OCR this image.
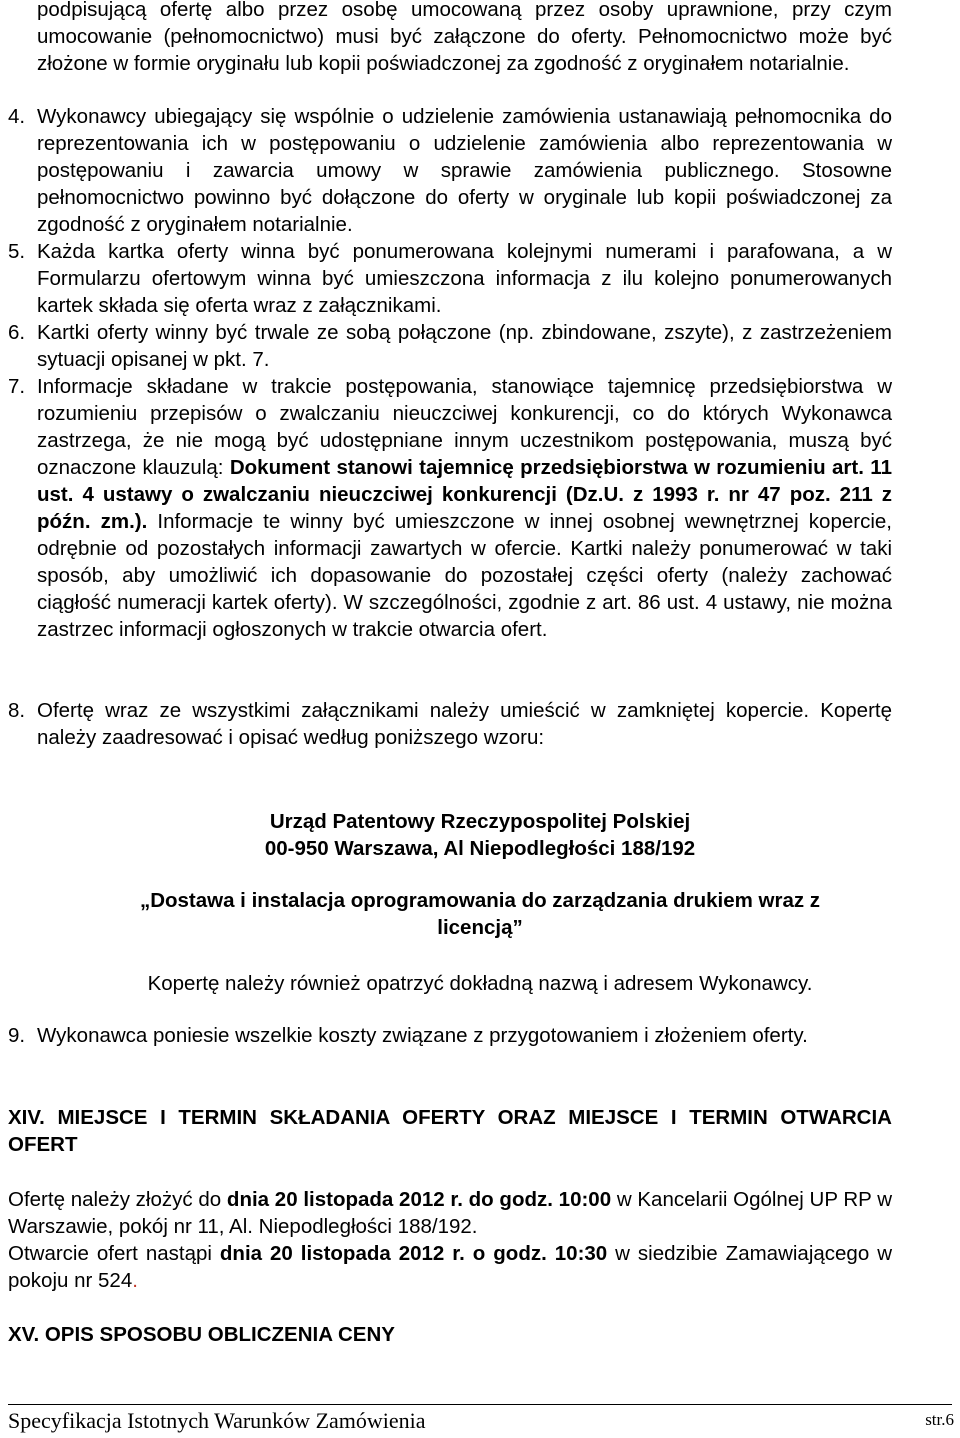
podpisującą ofertę albo przez osobę umocowaną przez osoby uprawnione, przy czym umocowanie (pełnomocnictwo) musi być załączone do oferty. Pełnomocnictwo może być złożone w formie oryginału lub kopii poświadczonej za zgodność z oryginałem notarialnie.

4. Wykonawcy ubiegający się wspólnie o udzielenie zamówienia ustanawiają pełnomocnika do reprezentowania ich w postępowaniu o udzielenie zamówienia albo reprezentowania w postępowaniu i zawarcia umowy w sprawie zamówienia publicznego. Stosowne pełnomocnictwo powinno być dołączone do oferty w oryginale lub kopii poświadczonej za zgodność z oryginałem notarialnie.
5. Każda kartka oferty winna być ponumerowana kolejnymi numerami i parafowana, a w Formularzu ofertowym winna być umieszczona informacja z ilu kolejno ponumerowanych kartek składa się oferta wraz z załącznikami.
6. Kartki oferty winny być trwale ze sobą połączone (np. zbindowane, zszyte), z zastrzeżeniem sytuacji opisanej w pkt. 7.
7. Informacje składane w trakcie postępowania, stanowiące tajemnicę przedsiębiorstwa w rozumieniu przepisów o zwalczaniu nieuczciwej konkurencji, co do których Wykonawca zastrzega, że nie mogą być udostępniane innym uczestnikom postępowania, muszą być oznaczone klauzulą: Dokument stanowi tajemnicę przedsiębiorstwa w rozumieniu art. 11 ust. 4 ustawy o zwalczaniu nieuczciwej konkurencji (Dz.U. z 1993 r. nr 47 poz. 211 z późn. zm.). Informacje te winny być umieszczone w innej osobnej wewnętrznej kopercie, odrębnie od pozostałych informacji zawartych w ofercie. Kartki należy ponumerować w taki sposób, aby umożliwić ich dopasowanie do pozostałej części oferty (należy zachować ciągłość numeracji kartek oferty). W szczególności, zgodnie z art. 86 ust. 4 ustawy, nie można zastrzec informacji ogłoszonych w trakcie otwarcia ofert.
8. Ofertę wraz ze wszystkimi załącznikami należy umieścić w zamkniętej kopercie. Kopertę należy zaadresować i opisać według poniższego wzoru:

Urząd Patentowy Rzeczypospolitej Polskiej

00-950 Warszawa, Al Niepodległości 188/192

„Dostawa i instalacja oprogramowania do zarządzania drukiem wraz z

licencją”

Kopertę należy również opatrzyć dokładną nazwą i adresem Wykonawcy.

9. Wykonawca poniesie wszelkie koszty związane z przygotowaniem i złożeniem oferty.

XIV. MIEJSCE I TERMIN SKŁADANIA OFERTY ORAZ MIEJSCE I TERMIN OTWARCIA OFERT

Ofertę należy złożyć do dnia 20 listopada 2012 r. do godz. 10:00 w Kancelarii Ogólnej UP RP w Warszawie, pokój nr 11, Al. Niepodległości 188/192.

Otwarcie ofert nastąpi dnia 20 listopada 2012 r. o godz. 10:30 w siedzibie Zamawiającego w pokoju nr 524.

XV. OPIS SPOSOBU OBLICZENIA CENY

Specyfikacja Istotnych Warunków Zamówienia	str.6
